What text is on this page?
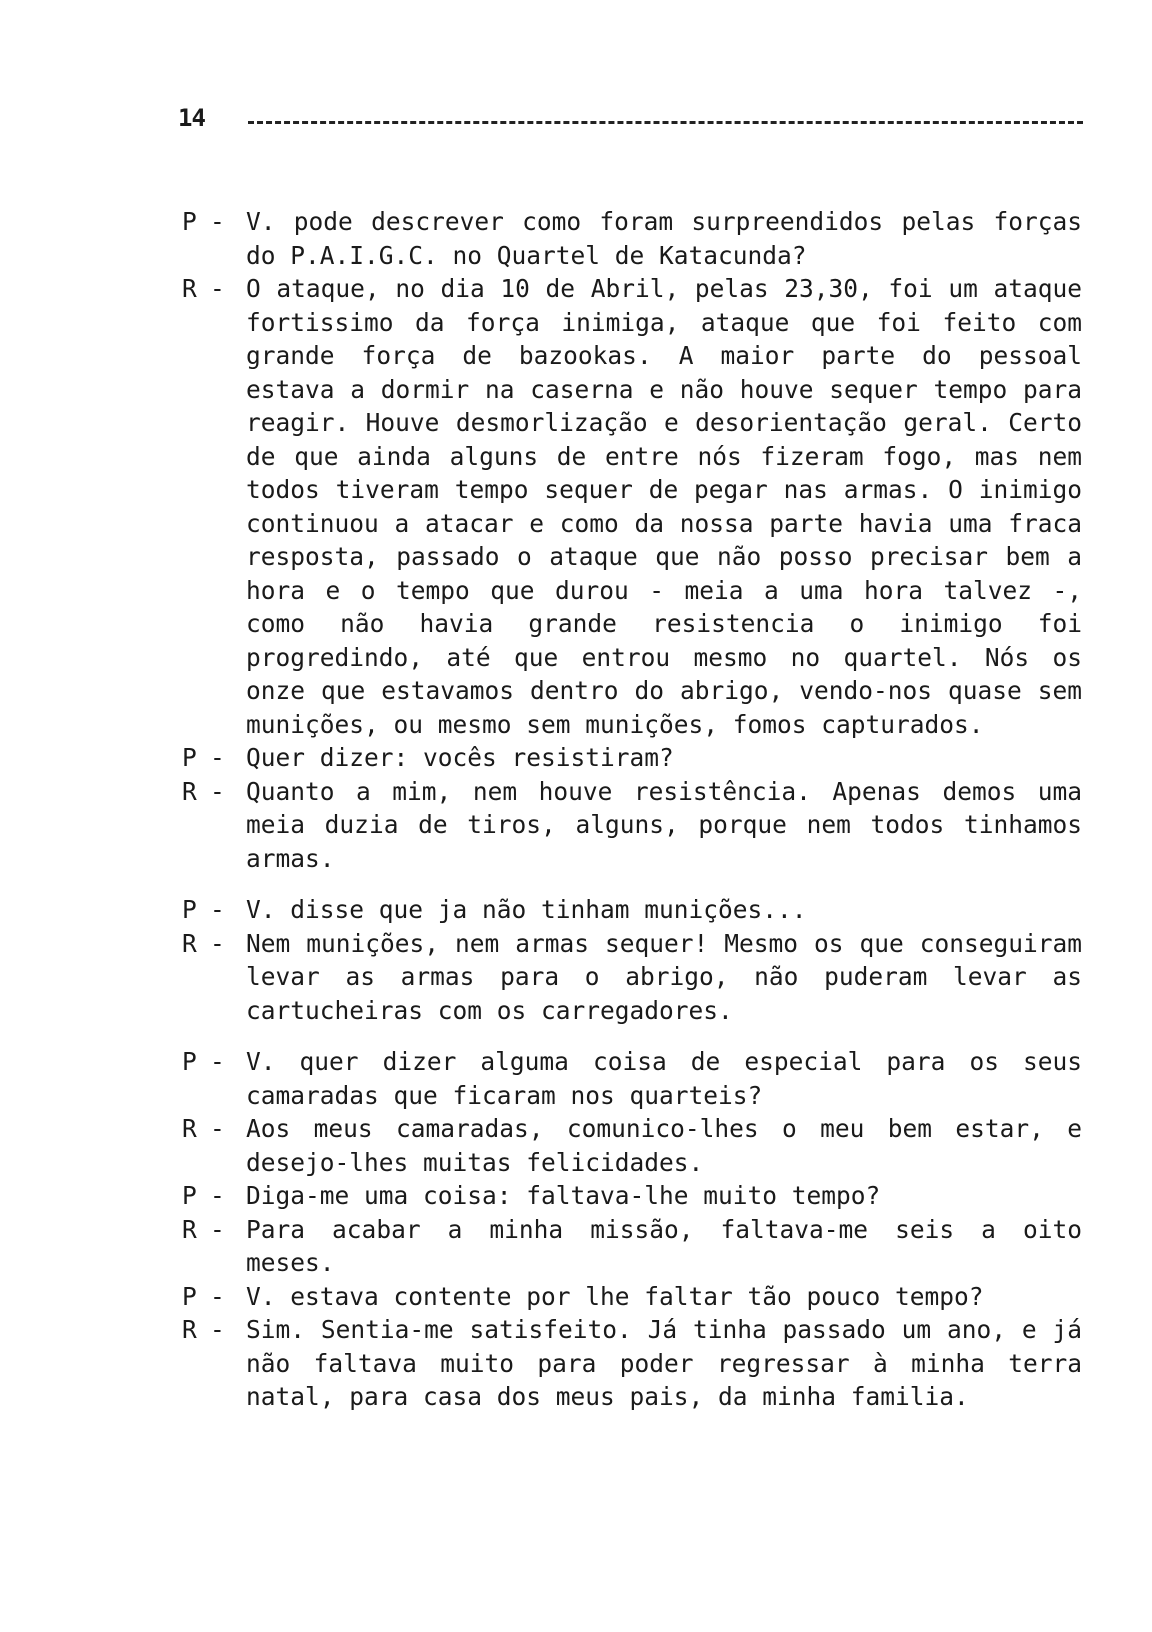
14
P - V. pode descrever como foram surpreendidos pelas forças do P.A.I.G.C. no Quartel de Katacunda?
R - O ataque, no dia 10 de Abril, pelas 23,30, foi um ataque fortissimo da força inimiga, ataque que foi feito com grande força de bazookas. A maior parte do pessoal estava a dormir na caserna e não houve sequer tempo para reagir. Houve desmorlização e desorientação geral. Certo de que ainda alguns de entre nós fizeram fogo, mas nem todos tiveram tempo sequer de pegar nas armas. O inimigo continuou a atacar e como da nossa parte havia uma fraca resposta, passado o ataque que não posso precisar bem a hora e o tempo que durou - meia a uma hora talvez -, como não havia grande resistencia o inimigo foi progredindo, até que entrou mesmo no quartel. Nós os onze que estavamos dentro do abrigo, vendo-nos quase sem munições, ou mesmo sem munições, fomos capturados.
P - Quer dizer: vocês resistiram?
R - Quanto a mim, nem houve resistência. Apenas demos uma meia duzia de tiros, alguns, porque nem todos tinhamos armas.
P - V. disse que ja não tinham munições...
R - Nem munições, nem armas sequer! Mesmo os que conseguiram levar as armas para o abrigo, não puderam levar as cartucheiras com os carregadores.
P - V. quer dizer alguma coisa de especial para os seus camaradas que ficaram nos quarteis?
R - Aos meus camaradas, comunico-lhes o meu bem estar, e desejo-lhes muitas felicidades.
P - Diga-me uma coisa: faltava-lhe muito tempo?
R - Para acabar a minha missão, faltava-me seis a oito meses.
P - V. estava contente por lhe faltar tão pouco tempo?
R - Sim. Sentia-me satisfeito. Já tinha passado um ano, e já não faltava muito para poder regressar à minha terra natal, para casa dos meus pais, da minha familia.
